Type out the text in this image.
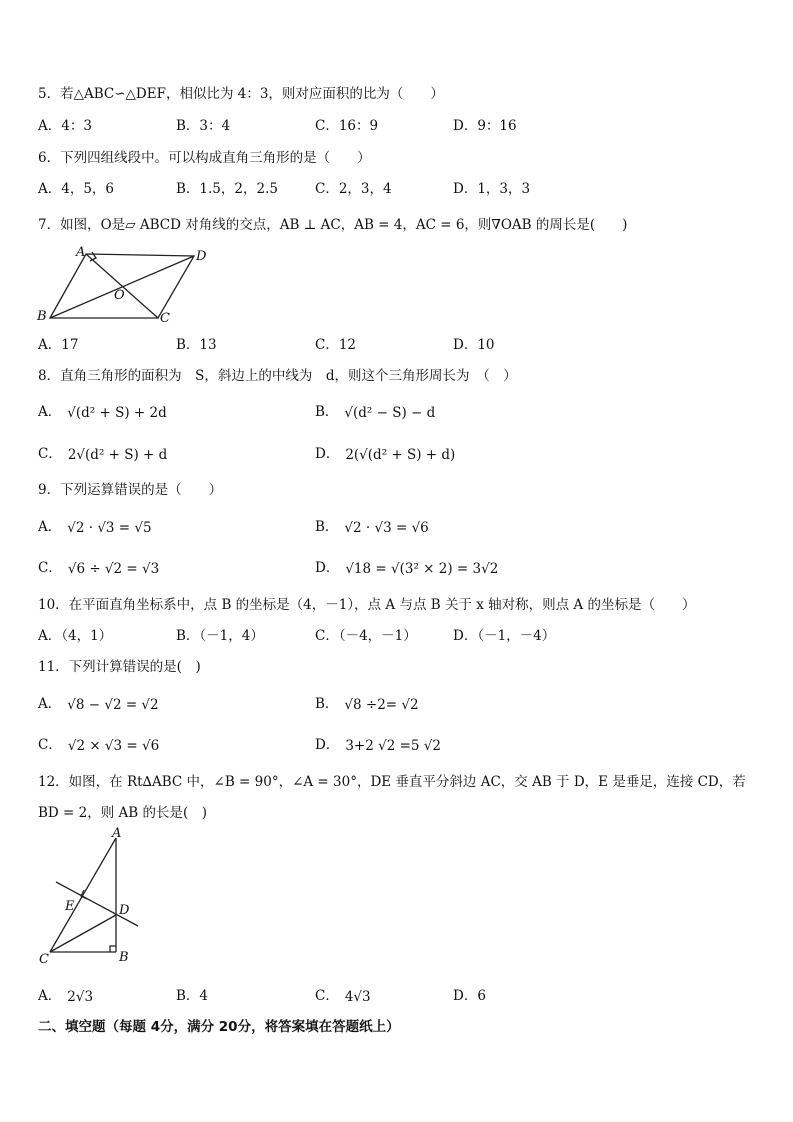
5．若△ABC∽△DEF，相似比为 4：3，则对应面积的比为（　　）
A．4：3	B．3：4	C．16：9	D．9：16
6．下列四组线段中。可以构成直角三角形的是（　　）
A．4，5，6	B．1.5，2，2.5	C．2，3，4	D．1，3，3
7．如图，O是▱ ABCD 对角线的交点，AB ⊥ AC，AB = 4，AC = 6，则∇OAB 的周长是(　　)
A	D
O
B	C
A．17	B．13	C．12	D．10
8．直角三角形的面积为　S，斜边上的中线为　d，则这个三角形周长为　（　）
A． √(d² + S) + 2d	B． √(d² − S) − d
C． 2√(d² + S) + d	D． 2(√(d² + S) + d)
9．下列运算错误的是（　　）
A． √2 · √3 = √5	B． √2 · √3 = √6
C． √6 ÷ √2 = √3	D． √18 = √(3² × 2) = 3√2
10．在平面直角坐标系中，点 B 的坐标是（4，－1），点 A 与点 B 关于 x 轴对称，则点 A 的坐标是（　　）
A．（4，1）	B．（－1，4）	C．（－4，－1）	D．（－1，－4）
11．下列计算错误的是(　)
A． √8 − √2 = √2	B． √8 ÷2= √2
C． √2 × √3 = √6	D． 3+2 √2 =5 √2
12．如图，在 Rt∆ABC 中，∠B = 90°，∠A = 30°，DE 垂直平分斜边 AC，交 AB 于 D，E 是垂足，连接 CD，若
BD = 2，则 AB 的长是(　)
A
E	D
C	B
A． 2√3	B．4	C． 4√3	D．6
二、填空题（每题 4分，满分 20分，将答案填在答题纸上）
